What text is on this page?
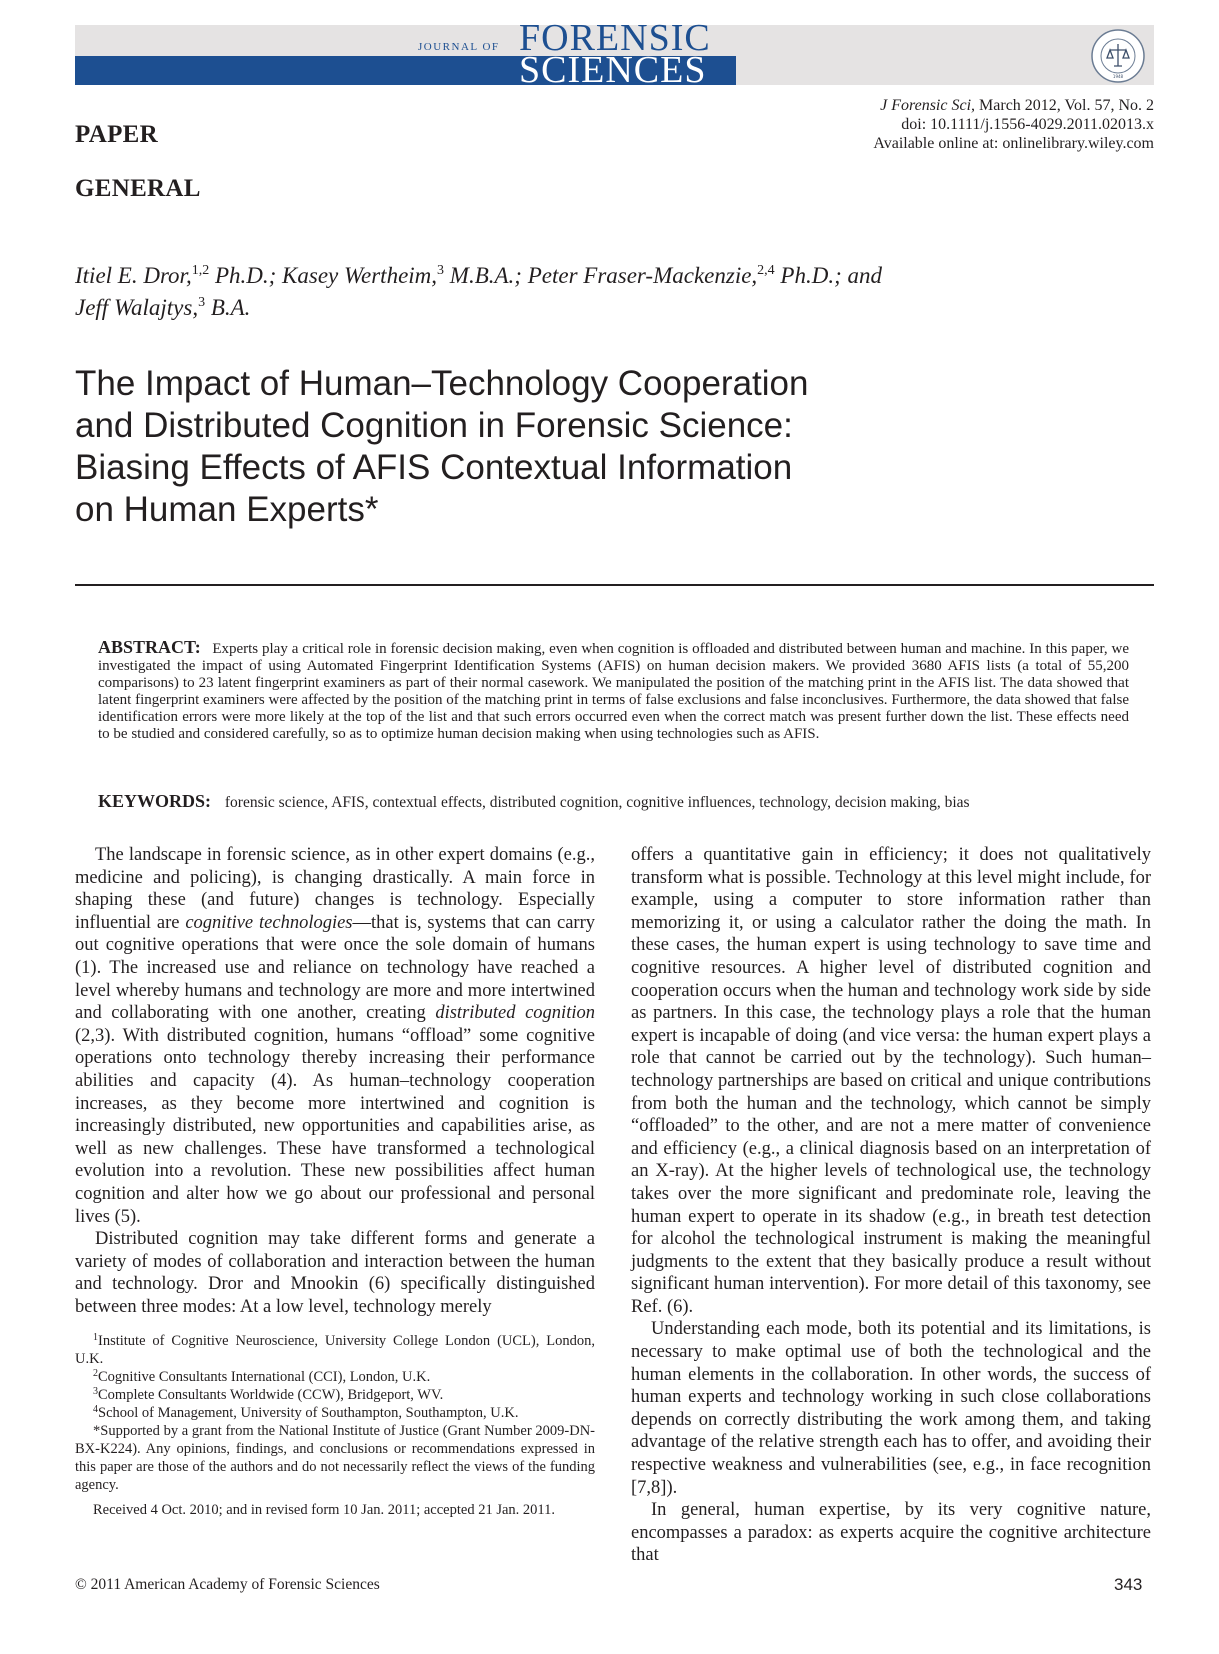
JOURNAL OF FORENSIC
SCIENCES	1948
J Forensic Sci, March 2012, Vol. 57, No. 2
doi: 10.1111/j.1556-4029.2011.02013.x
Available online at: onlinelibrary.wiley.com
PAPER
GENERAL
Itiel E. Dror,$^{1,2}$ Ph.D.; Kasey Wertheim,$^3$ M.B.A.; Peter Fraser-Mackenzie,$^{2,4}$ Ph.D.; and
Jeff Walajtys,$^3$ B.A.
The Impact of Human–Technology Cooperation
and Distributed Cognition in Forensic Science:
Biasing Effects of AFIS Contextual Information
on Human Experts*
ABSTRACT: Experts play a critical role in forensic decision making, even when cognition is offloaded and distributed between human and machine. In this paper, we investigated the impact of using Automated Fingerprint Identification Systems (AFIS) on human decision makers. We provided 3680 AFIS lists (a total of 55,200 comparisons) to 23 latent fingerprint examiners as part of their normal casework. We manipulated the position of the matching print in the AFIS list. The data showed that latent fingerprint examiners were affected by the position of the matching print in terms of false exclusions and false inconclusives. Furthermore, the data showed that false identification errors were more likely at the top of the list and that such errors occurred even when the correct match was present further down the list. These effects need to be studied and considered carefully, so as to optimize human decision making when using technologies such as AFIS.
KEYWORDS: forensic science, AFIS, contextual effects, distributed cognition, cognitive influences, technology, decision making, bias

The landscape in forensic science, as in other expert domains (e.g., medicine and policing), is changing drastically. A main force in shaping these (and future) changes is technology. Especially influential are cognitive technologies—that is, systems that can carry out cognitive operations that were once the sole domain of humans (1). The increased use and reliance on technology have reached a level whereby humans and technology are more and more intertwined and collaborating with one another, creating distributed cognition (2,3). With distributed cognition, humans “offload” some cognitive operations onto technology thereby increasing their performance abilities and capacity (4). As human–technology cooperation increases, as they become more intertwined and cognition is increasingly distributed, new opportunities and capabilities arise, as well as new challenges. These have transformed a technological evolution into a revolution. These new possibilities affect human cognition and alter how we go about our professional and personal lives (5).

Distributed cognition may take different forms and generate a variety of modes of collaboration and interaction between the human and technology. Dror and Mnookin (6) specifically distinguished between three modes: At a low level, technology merely

$^1$Institute of Cognitive Neuroscience, University College London (UCL), London, U.K.

$^2$Cognitive Consultants International (CCI), London, U.K.

$^3$Complete Consultants Worldwide (CCW), Bridgeport, WV.

$^4$School of Management, University of Southampton, Southampton, U.K.

*Supported by a grant from the National Institute of Justice (Grant Number 2009-DN-BX-K224). Any opinions, findings, and conclusions or recommendations expressed in this paper are those of the authors and do not necessarily reflect the views of the funding agency.

Received 4 Oct. 2010; and in revised form 10 Jan. 2011; accepted 21 Jan. 2011.

offers a quantitative gain in efficiency; it does not qualitatively transform what is possible. Technology at this level might include, for example, using a computer to store information rather than memorizing it, or using a calculator rather the doing the math. In these cases, the human expert is using technology to save time and cognitive resources. A higher level of distributed cognition and cooperation occurs when the human and technology work side by side as partners. In this case, the technology plays a role that the human expert is incapable of doing (and vice versa: the human expert plays a role that cannot be carried out by the technology). Such human–technology partnerships are based on critical and unique contributions from both the human and the technology, which cannot be simply “offloaded” to the other, and are not a mere matter of convenience and efficiency (e.g., a clinical diagnosis based on an interpretation of an X-ray). At the higher levels of technological use, the technology takes over the more significant and predominate role, leaving the human expert to operate in its shadow (e.g., in breath test detection for alcohol the technological instrument is making the meaningful judgments to the extent that they basically produce a result without significant human intervention). For more detail of this taxonomy, see Ref. (6).

Understanding each mode, both its potential and its limitations, is necessary to make optimal use of both the technological and the human elements in the collaboration. In other words, the success of human experts and technology working in such close collaborations depends on correctly distributing the work among them, and taking advantage of the relative strength each has to offer, and avoiding their respective weakness and vulnerabilities (see, e.g., in face recognition [7,8]).

In general, human expertise, by its very cognitive nature, encompasses a paradox: as experts acquire the cognitive architecture that

© 2011 American Academy of Forensic Sciences	343
